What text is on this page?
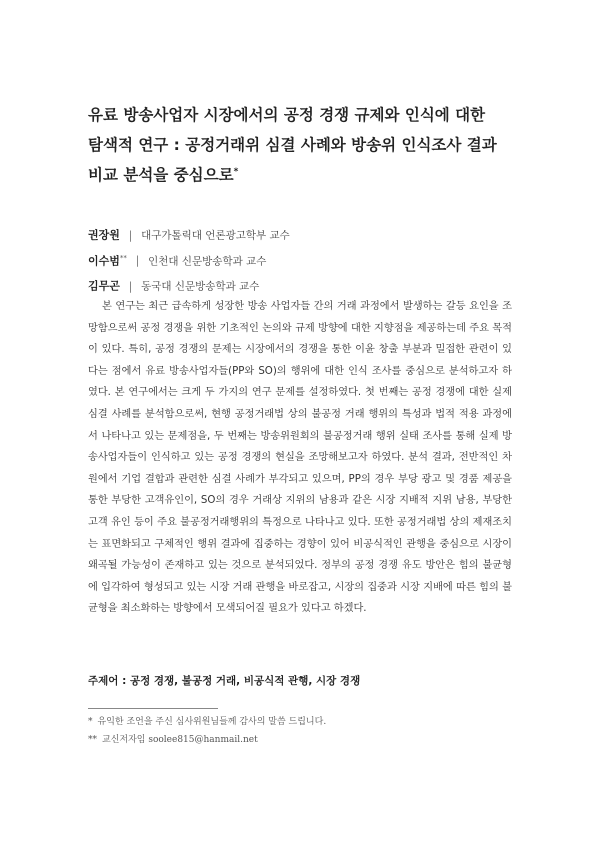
유료 방송사업자 시장에서의 공정 경쟁 규제와 인식에 대한
탐색적 연구 : 공정거래위 심결 사례와 방송위 인식조사 결과
비교 분석을 중심으로*
권장원 | 대구가톨릭대 언론광고학부 교수
이수범** | 인천대 신문방송학과 교수
김무곤 | 동국대 신문방송학과 교수

본 연구는 최근 급속하게 성장한 방송 사업자들 간의 거래 과정에서 발생하는 갈등 요인을 조망함으로써 공정 경쟁을 위한 기초적인 논의와 규제 방향에 대한 지향점을 제공하는데 주요 목적이 있다. 특히, 공정 경쟁의 문제는 시장에서의 경쟁을 통한 이윤 창출 부분과 밀접한 관련이 있다는 점에서 유료 방송사업자들(PP와 SO)의 행위에 대한 인식 조사를 중심으로 분석하고자 하였다. 본 연구에서는 크게 두 가지의 연구 문제를 설정하였다. 첫 번째는 공정 경쟁에 대한 실제 심결 사례를 분석함으로써, 현행 공정거래법 상의 불공정 거래 행위의 특성과 법적 적용 과정에서 나타나고 있는 문제점을, 두 번째는 방송위원회의 불공정거래 행위 실태 조사를 통해 실제 방송사업자들이 인식하고 있는 공정 경쟁의 현실을 조망해보고자 하였다. 분석 결과, 전반적인 차원에서 기업 결합과 관련한 심결 사례가 부각되고 있으며, PP의 경우 부당 광고 및 경품 제공을 통한 부당한 고객유인이, SO의 경우 거래상 지위의 남용과 같은 시장 지배적 지위 남용, 부당한 고객 유인 등이 주요 불공정거래행위의 특정으로 나타나고 있다. 또한 공정거래법 상의 제재조치는 표면화되고 구체적인 행위 결과에 집중하는 경향이 있어 비공식적인 관행을 중심으로 시장이 왜곡될 가능성이 존재하고 있는 것으로 분석되었다. 정부의 공정 경쟁 유도 방안은 힘의 불균형에 입각하여 형성되고 있는 시장 거래 관행을 바로잡고, 시장의 집중과 시장 지배에 따른 힘의 불균형을 최소화하는 방향에서 모색되어질 필요가 있다고 하겠다.

주제어 : 공정 경쟁, 불공정 거래, 비공식적 관행, 시장 경쟁
* 유익한 조언을 주신 심사위원님들께 감사의 말씀 드립니다.
** 교신저자임 soolee815@hanmail.net
